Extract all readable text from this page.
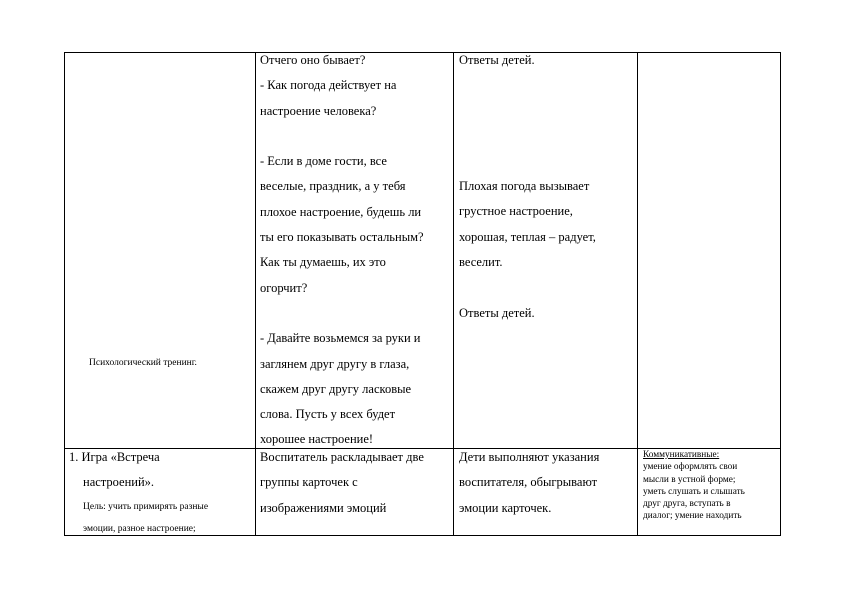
Психологический тренинг.
Отчего оно бывает?
- Как погода действует на
настроение человека?
- Если в доме гости, все
веселые, праздник, а у тебя
плохое настроение, будешь ли
ты его показывать остальным?
Как ты думаешь, их это
огорчит?
- Давайте возьмемся за руки и
заглянем друг другу в глаза,
скажем друг другу ласковые
слова. Пусть у всех будет
хорошее настроение!
Ответы детей.
Плохая погода вызывает
грустное настроение,
хорошая, теплая – радует,
веселит.
Ответы детей.
1. Игра «Встреча
настроений».
Цель: учить примирять разные
эмоции, разное настроение;
Воспитатель раскладывает две
группы карточек с
изображениями эмоций
Дети выполняют указания
воспитателя, обыгрывают
эмоции карточек.
Коммуникативные:
умение оформлять свои
мысли в устной форме;
уметь слушать и слышать
друг друга, вступать в
диалог; умение находить
